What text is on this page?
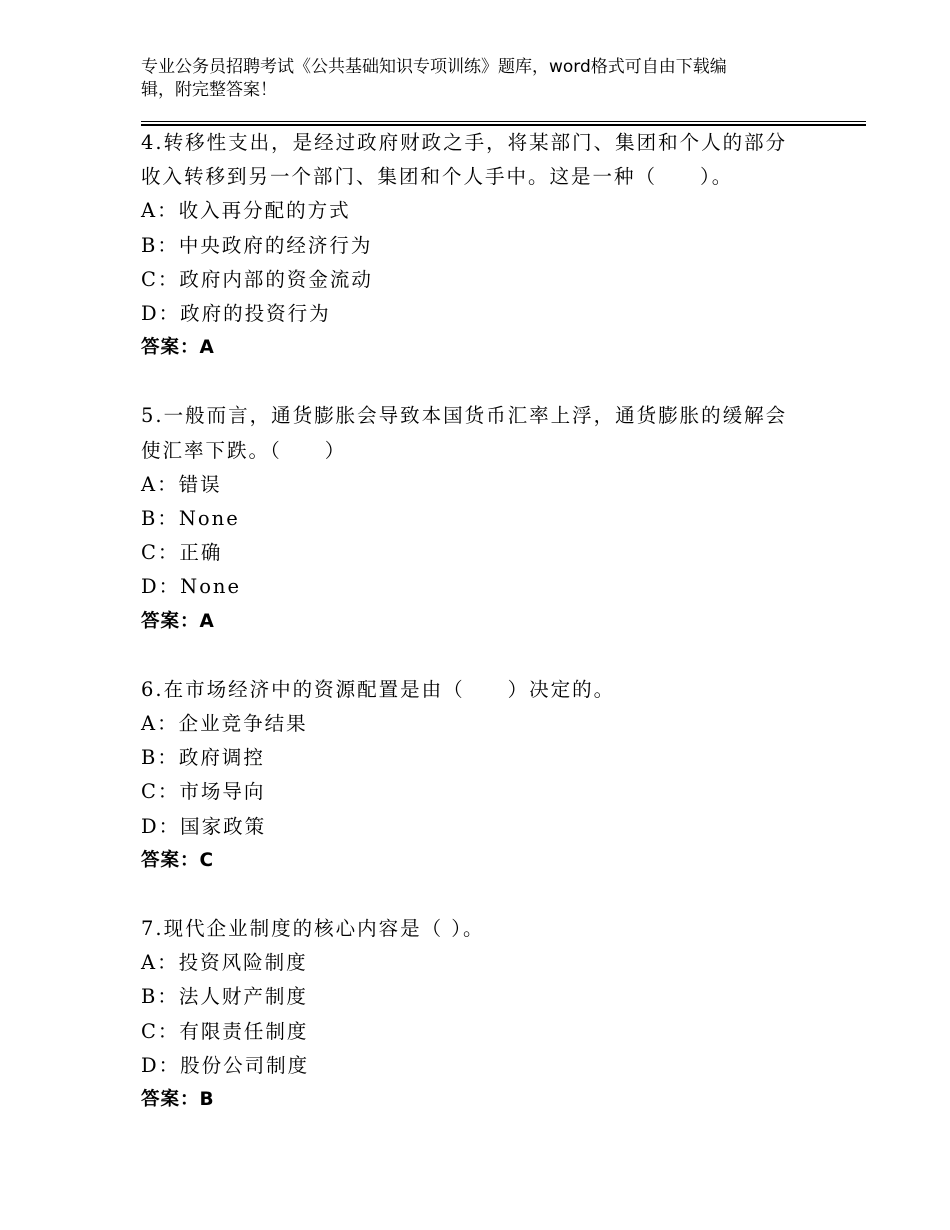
专业公务员招聘考试《公共基础知识专项训练》题库，word格式可自由下载编
辑，附完整答案！
4.转移性支出，是经过政府财政之手，将某部门、集团和个人的部分
收入转移到另一个部门、集团和个人手中。这是一种（　　）。
A：收入再分配的方式
B：中央政府的经济行为
C：政府内部的资金流动
D：政府的投资行为
答案：A
5.一般而言，通货膨胀会导致本国货币汇率上浮，通货膨胀的缓解会
使汇率下跌。（　　）
A：错误
B：None
C：正确
D：None
答案：A
6.在市场经济中的资源配置是由（　　）决定的。
A：企业竞争结果
B：政府调控
C：市场导向
D：国家政策
答案：C
7.现代企业制度的核心内容是（ ）。
A：投资风险制度
B：法人财产制度
C：有限责任制度
D：股份公司制度
答案：B
